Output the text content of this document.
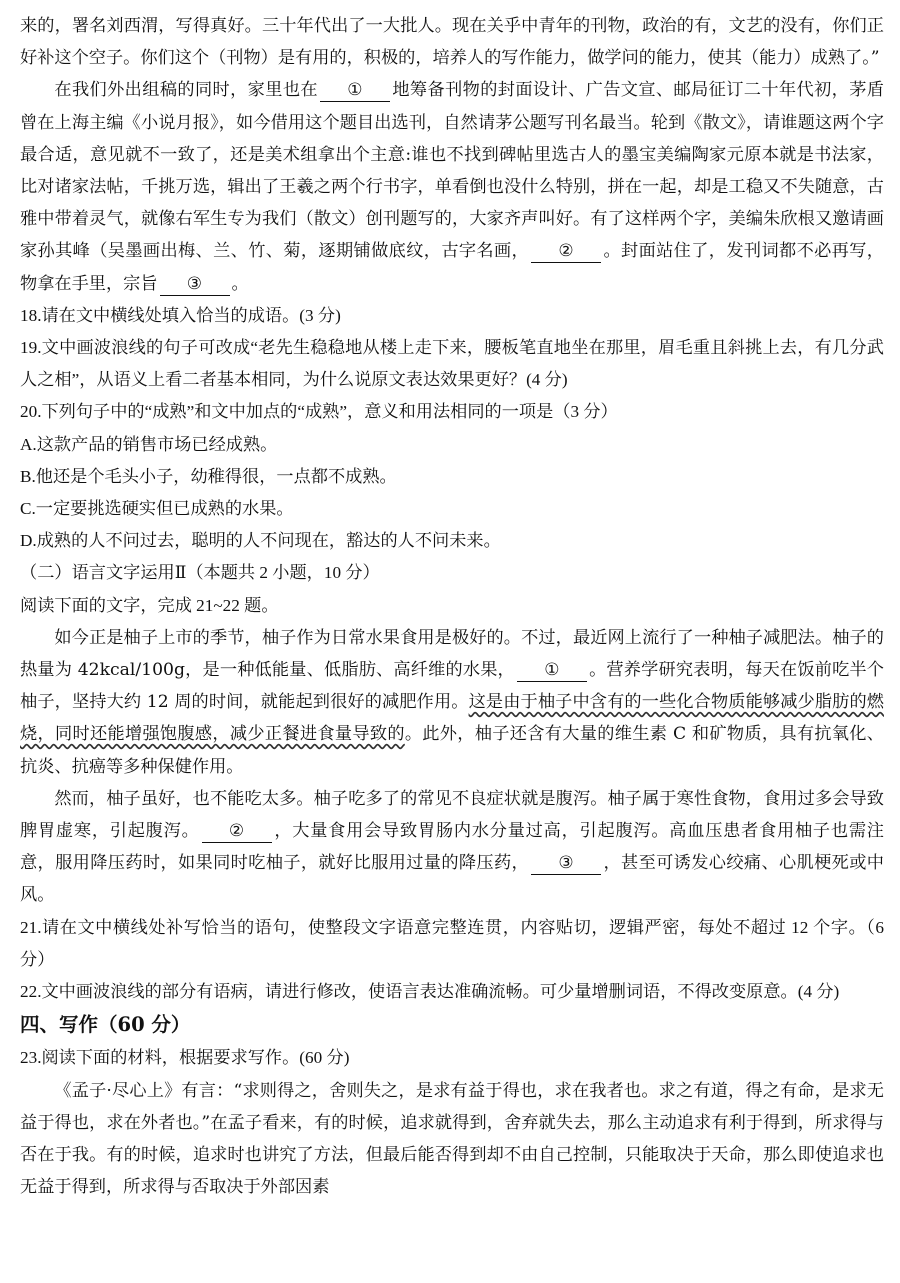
来的，署名刘西渭，写得真好。三十年代出了一大批人。现在关乎中青年的刊物，政治的有，文艺的没有，你们正好补这个空子。你们这个（刊物）是有用的，积极的，培养人的写作能力，做学问的能力，使其（能力）成熟了。”

在我们外出组稿的同时，家里也在 ① 地筹备刊物的封面设计、广告文宣、邮局征订二十年代初，茅盾曾在上海主编《小说月报》，如今借用这个题目出选刊，自然请茅公题写刊名最当。轮到《散文》，请谁题这两个字最合适，意见就不一致了，还是美术组拿出个主意:谁也不找到碑帖里选古人的墨宝美编陶家元原本就是书法家，比对诸家法帖，千挑万选，辑出了王羲之两个行书字，单看倒也没什么特别，拼在一起，却是工稳又不失随意，古雅中带着灵气，就像右军生专为我们（散文）创刊题写的，大家齐声叫好。有了这样两个字，美编朱欣根又邀请画家孙其峰（吴墨画出梅、兰、竹、菊，逐期铺做底纹，古字名画， ② 。封面站住了，发刊词都不必再写，物拿在手里，宗旨 ③ 。

18.请在文中横线处填入恰当的成语。(3 分)

19.文中画波浪线的句子可改成“老先生稳稳地从楼上走下来，腰板笔直地坐在那里，眉毛重且斜挑上去，有几分武人之相”，从语义上看二者基本相同，为什么说原文表达效果更好？(4 分)

20.下列句子中的“成熟”和文中加点的“成熟”，意义和用法相同的一项是（3 分）

A.这款产品的销售市场已经成熟。

B.他还是个毛头小子，幼稚得很，一点都不成熟。

C.一定要挑选硬实但已成熟的水果。

D.成熟的人不问过去，聪明的人不问现在，豁达的人不问未来。

（二）语言文字运用Ⅱ（本题共 2 小题，10 分）

阅读下面的文字，完成 21~22 题。

如今正是柚子上市的季节，柚子作为日常水果食用是极好的。不过，最近网上流行了一种柚子减肥法。柚子的热量为 42kcal/100g，是一种低能量、低脂肪、高纤维的水果， ① 。营养学研究表明，每天在饭前吃半个柚子，坚持大约 12 周的时间，就能起到很好的减肥作用。这是由于柚子中含有的一些化合物质能够减少脂肪的燃烧，同时还能增强饱腹感，减少正餐进食量导致的。此外，柚子还含有大量的维生素 C 和矿物质，具有抗氧化、抗炎、抗癌等多种保健作用。

然而，柚子虽好，也不能吃太多。柚子吃多了的常见不良症状就是腹泻。柚子属于寒性食物，食用过多会导致脾胃虚寒，引起腹泻。 ② ，大量食用会导致胃肠内水分量过高，引起腹泻。高血压患者食用柚子也需注意，服用降压药时，如果同时吃柚子，就好比服用过量的降压药， ③ ，甚至可诱发心绞痛、心肌梗死或中风。

21.请在文中横线处补写恰当的语句，使整段文字语意完整连贯，内容贴切，逻辑严密，每处不超过 12 个字。（6 分）

22.文中画波浪线的部分有语病，请进行修改，使语言表达准确流畅。可少量增删词语，不得改变原意。(4 分)

四、写作（60 分）

23.阅读下面的材料，根据要求写作。(60 分)

《孟子·尽心上》有言：“求则得之，舍则失之，是求有益于得也，求在我者也。求之有道，得之有命，是求无益于得也，求在外者也。”在孟子看来，有的时候，追求就得到，舍弃就失去，那么主动追求有利于得到，所求得与否在于我。有的时候，追求时也讲究了方法，但最后能否得到却不由自己控制，只能取决于天命，那么即使追求也无益于得到，所求得与否取决于外部因素
